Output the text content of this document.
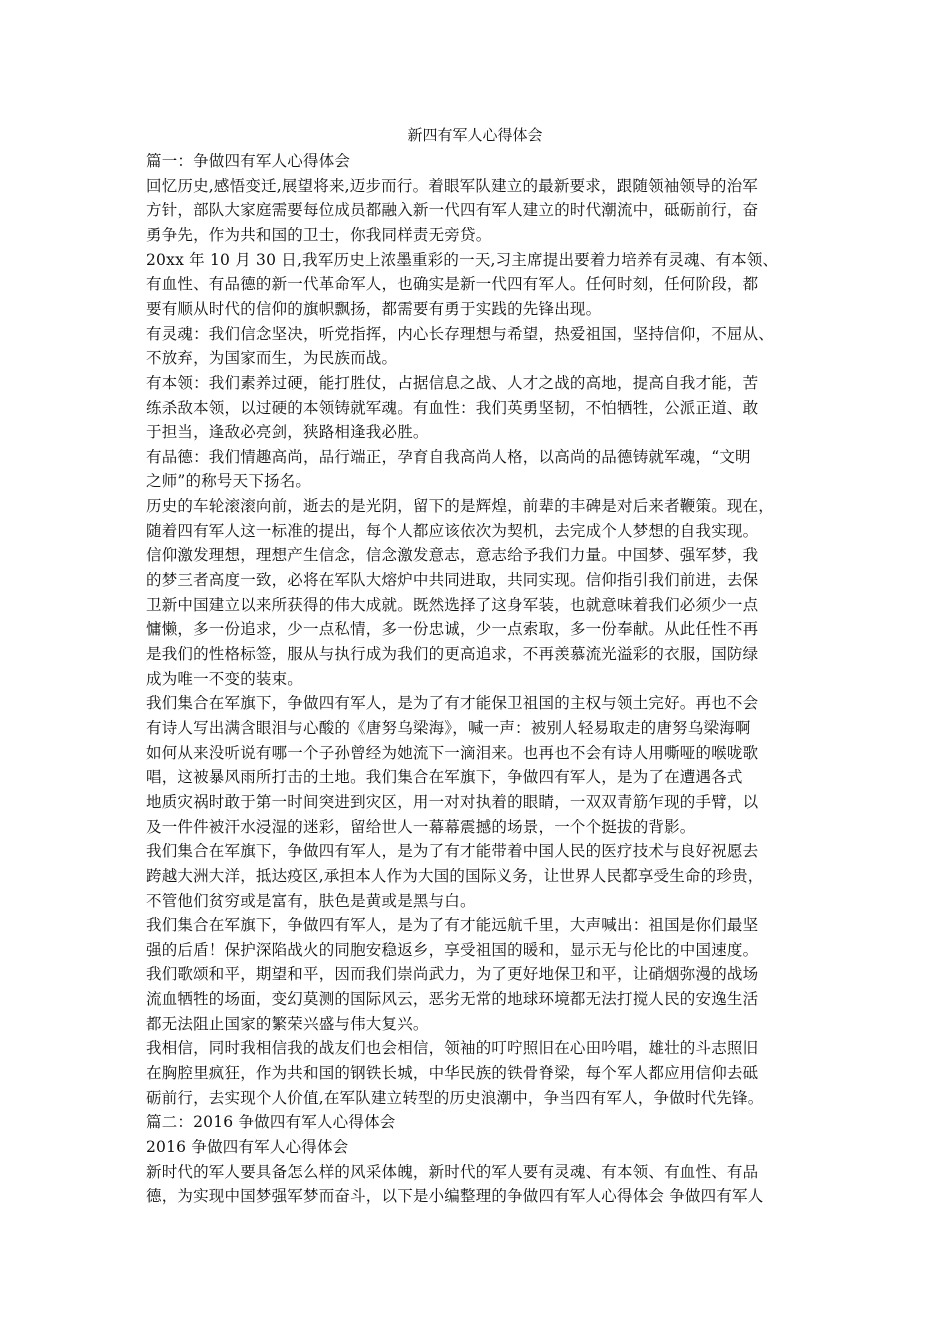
新四有军人心得体会
篇一：争做四有军人心得体会
回忆历史,感悟变迁,展望将来,迈步而行。着眼军队建立的最新要求，跟随领袖领导的治军
方针，部队大家庭需要每位成员都融入新一代四有军人建立的时代潮流中，砥砺前行，奋
勇争先，作为共和国的卫士，你我同样责无旁贷。
20xx 年 10 月 30 日,我军历史上浓墨重彩的一天,习主席提出要着力培养有灵魂、有本领、
有血性、有品德的新一代革命军人，也确实是新一代四有军人。任何时刻，任何阶段，都
要有顺从时代的信仰的旗帜飘扬，都需要有勇于实践的先锋出现。
有灵魂：我们信念坚决，听党指挥，内心长存理想与希望，热爱祖国，坚持信仰，不屈从、
不放弃，为国家而生，为民族而战。
有本领：我们素养过硬，能打胜仗，占据信息之战、人才之战的高地，提高自我才能，苦
练杀敌本领，以过硬的本领铸就军魂。有血性：我们英勇坚韧，不怕牺牲，公派正道、敢
于担当，逢敌必亮剑，狭路相逢我必胜。
有品德：我们情趣高尚，品行端正，孕育自我高尚人格，以高尚的品德铸就军魂，“文明
之师”的称号天下扬名。
历史的车轮滚滚向前，逝去的是光阴，留下的是辉煌，前辈的丰碑是对后来者鞭策。现在，
随着四有军人这一标准的提出，每个人都应该依次为契机，去完成个人梦想的自我实现。
信仰激发理想，理想产生信念，信念激发意志，意志给予我们力量。中国梦、强军梦，我
的梦三者高度一致，必将在军队大熔炉中共同进取，共同实现。信仰指引我们前进，去保
卫新中国建立以来所获得的伟大成就。既然选择了这身军装，也就意味着我们必须少一点
慵懒，多一份追求，少一点私情，多一份忠诚，少一点索取，多一份奉献。从此任性不再
是我们的性格标签，服从与执行成为我们的更高追求，不再羡慕流光溢彩的衣服，国防绿
成为唯一不变的装束。
我们集合在军旗下，争做四有军人，是为了有才能保卫祖国的主权与领土完好。再也不会
有诗人写出满含眼泪与心酸的《唐努乌梁海》，喊一声：被别人轻易取走的唐努乌梁海啊
如何从来没听说有哪一个子孙曾经为她流下一滴泪来。也再也不会有诗人用嘶哑的喉咙歌
唱，这被暴风雨所打击的土地。我们集合在军旗下，争做四有军人，是为了在遭遇各式
地质灾祸时敢于第一时间突进到灾区，用一对对执着的眼睛，一双双青筋乍现的手臂，以
及一件件被汗水浸湿的迷彩，留给世人一幕幕震撼的场景，一个个挺拔的背影。
我们集合在军旗下，争做四有军人，是为了有才能带着中国人民的医疗技术与良好祝愿去
跨越大洲大洋，抵达疫区,承担本人作为大国的国际义务，让世界人民都享受生命的珍贵，
不管他们贫穷或是富有，肤色是黄或是黑与白。
我们集合在军旗下，争做四有军人，是为了有才能远航千里，大声喊出：祖国是你们最坚
强的后盾！保护深陷战火的同胞安稳返乡，享受祖国的暖和，显示无与伦比的中国速度。
我们歌颂和平，期望和平，因而我们崇尚武力，为了更好地保卫和平，让硝烟弥漫的战场
流血牺牲的场面，变幻莫测的国际风云，恶劣无常的地球环境都无法打搅人民的安逸生活
都无法阻止国家的繁荣兴盛与伟大复兴。
我相信，同时我相信我的战友们也会相信，领袖的叮咛照旧在心田吟唱，雄壮的斗志照旧
在胸腔里疯狂，作为共和国的钢铁长城，中华民族的铁骨脊梁，每个军人都应用信仰去砥
砺前行，去实现个人价值,在军队建立转型的历史浪潮中，争当四有军人，争做时代先锋。
篇二：2016 争做四有军人心得体会
2016 争做四有军人心得体会
新时代的军人要具备怎么样的风采体魄，新时代的军人要有灵魂、有本领、有血性、有品
德，为实现中国梦强军梦而奋斗，以下是小编整理的争做四有军人心得体会 争做四有军人
